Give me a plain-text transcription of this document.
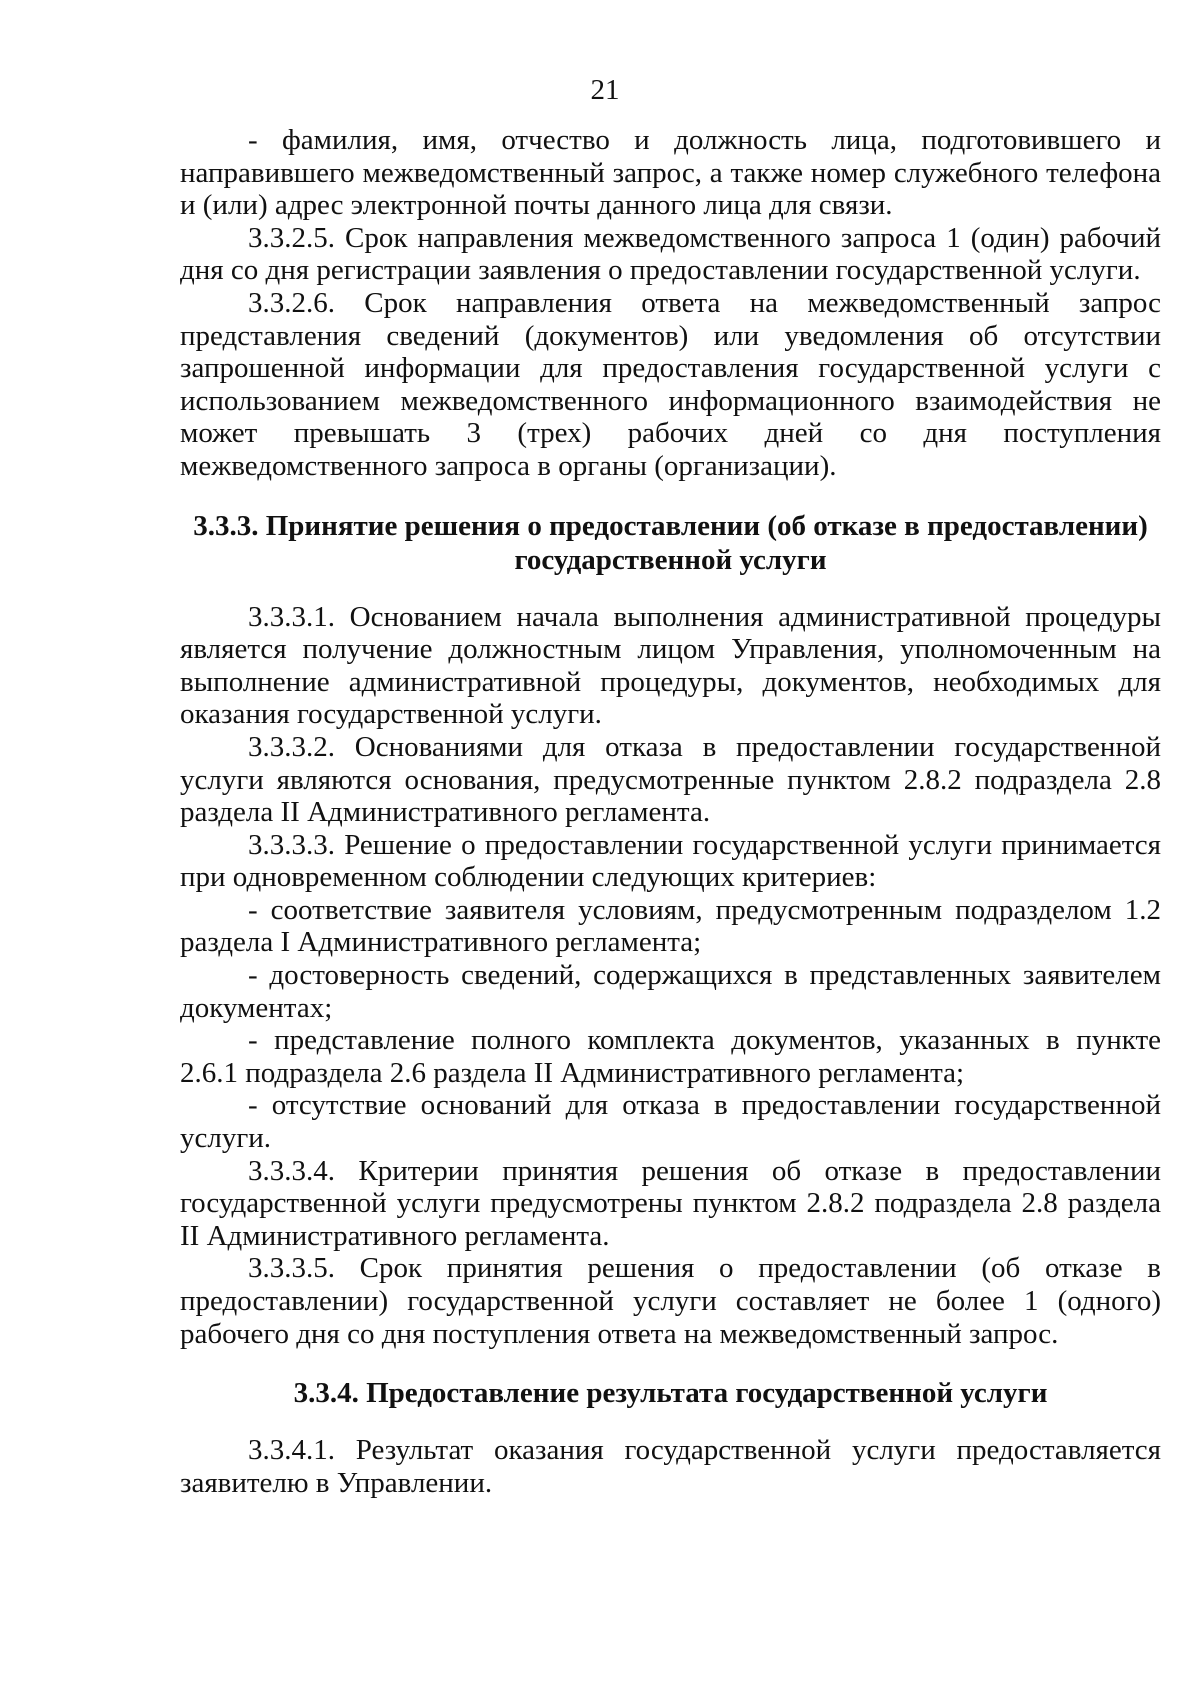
21

- фамилия, имя, отчество и должность лица, подготовившего и направившего межведомственный запрос, а также номер служебного телефона и (или) адрес электронной почты данного лица для связи.

3.3.2.5. Срок направления межведомственного запроса 1 (один) рабочий дня со дня регистрации заявления о предоставлении государственной услуги.

3.3.2.6. Срок направления ответа на межведомственный запрос представления сведений (документов) или уведомления об отсутствии запрошенной информации для предоставления государственной услуги с использованием межведомственного информационного взаимодействия не может превышать 3 (трех) рабочих дней со дня поступления межведомственного запроса в органы (организации).

3.3.3. Принятие решения о предоставлении (об отказе в предоставлении)
государственной услуги

3.3.3.1. Основанием начала выполнения административной процедуры является получение должностным лицом Управления, уполномоченным на выполнение административной процедуры, документов, необходимых для оказания государственной услуги.

3.3.3.2. Основаниями для отказа в предоставлении государственной услуги являются основания, предусмотренные пунктом 2.8.2 подраздела 2.8 раздела II Административного регламента.

3.3.3.3. Решение о предоставлении государственной услуги принимается при одновременном соблюдении следующих критериев:

- соответствие заявителя условиям, предусмотренным подразделом 1.2 раздела I Административного регламента;

- достоверность сведений, содержащихся в представленных заявителем документах;

- представление полного комплекта документов, указанных в пункте 2.6.1 подраздела 2.6 раздела II Административного регламента;

- отсутствие оснований для отказа в предоставлении государственной услуги.

3.3.3.4. Критерии принятия решения об отказе в предоставлении государственной услуги предусмотрены пунктом 2.8.2 подраздела 2.8 раздела II Административного регламента.

3.3.3.5. Срок принятия решения о предоставлении (об отказе в предоставлении) государственной услуги составляет не более 1 (одного) рабочего дня со дня поступления ответа на межведомственный запрос.

3.3.4. Предоставление результата государственной услуги

3.3.4.1. Результат оказания государственной услуги предоставляется заявителю в Управлении.
